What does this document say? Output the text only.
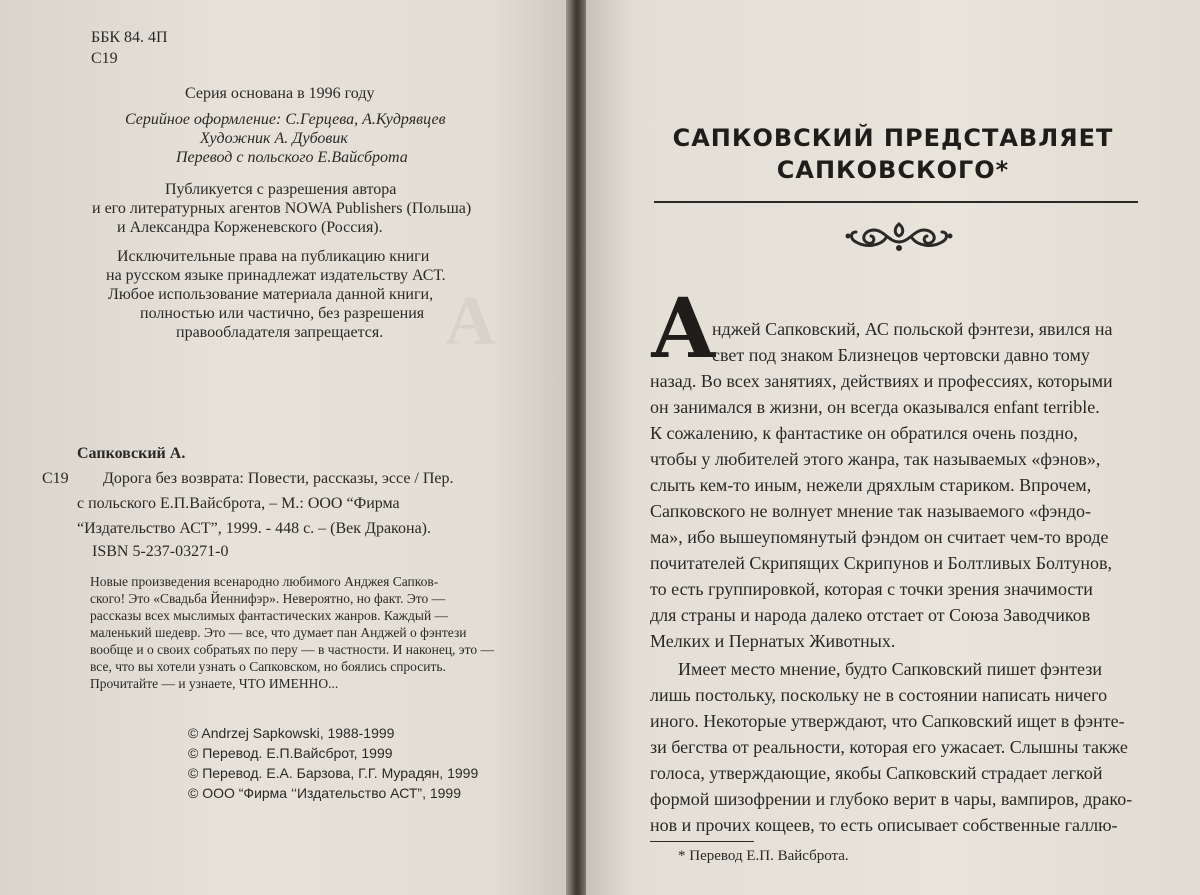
A
ББК 84. 4П
С19
Серия основана в 1996 году
Серийное оформление: С.Герцева, А.Кудрявцев
Художник А. Дубовик
Перевод с польского Е.Вайсброта
Публикуется с разрешения автора
и его литературных агентов NOWA Publishers (Польша)
и Александра Корженевского (Россия).
Исключительные права на публикацию книги
на русском языке принадлежат издательству АСТ.
Любое использование материала данной книги,
полностью или частично, без разрешения
правообладателя запрещается.
Сапковский А.
С19 Дорога без возврата: Повести, рассказы, эссе / Пер.
с польского Е.П.Вайсброта, – М.: ООО “Фирма
“Издательство АСТ”, 1999. - 448 с. – (Век Дракона).
ISBN 5-237-03271-0
Новые произведения всенародно любимого Анджея Сапков-
ского! Это «Свадьба Йеннифэр». Невероятно, но факт. Это —
рассказы всех мыслимых фантастических жанров. Каждый —
маленький шедевр. Это — все, что думает пан Анджей о фэнтези
вообще и о своих собратьях по перу — в частности. И наконец, это —
все, что вы хотели узнать о Сапковском, но боялись спросить.
Прочитайте — и узнаете, ЧТО ИМЕННО...
© Andrzej Sapkowski, 1988-1999
© Перевод. Е.П.Вайсброт, 1999
© Перевод. Е.А. Барзова, Г.Г. Мурадян, 1999
© ООО “Фирма ‘‘Издательство АСТ”, 1999
САПКОВСКИЙ ПРЕДСТАВЛЯЕТ
САПКОВСКОГО*
А
нджей Сапковский, АС польской фэнтези, явился на
свет под знаком Близнецов чертовски давно тому
назад. Во всех занятиях, действиях и профессиях, которыми
он занимался в жизни, он всегда оказывался enfant terrible.
К сожалению, к фантастике он обратился очень поздно,
чтобы у любителей этого жанра, так называемых «фэнов»,
слыть кем-то иным, нежели дряхлым стариком. Впрочем,
Сапковского не волнует мнение так называемого «фэндо-
ма», ибо вышеупомянутый фэндом он считает чем-то вроде
почитателей Скрипящих Скрипунов и Болтливых Болтунов,
то есть группировкой, которая с точки зрения значимости
для страны и народа далеко отстает от Союза Заводчиков
Мелких и Пернатых Животных.
Имеет место мнение, будто Сапковский пишет фэнтези
лишь постольку, поскольку не в состоянии написать ничего
иного. Некоторые утверждают, что Сапковский ищет в фэнте-
зи бегства от реальности, которая его ужасает. Слышны также
голоса, утверждающие, якобы Сапковский страдает легкой
формой шизофрении и глубоко верит в чары, вампиров, драко-
нов и прочих кощеев, то есть описывает собственные галлю-
* Перевод Е.П. Вайсброта.
